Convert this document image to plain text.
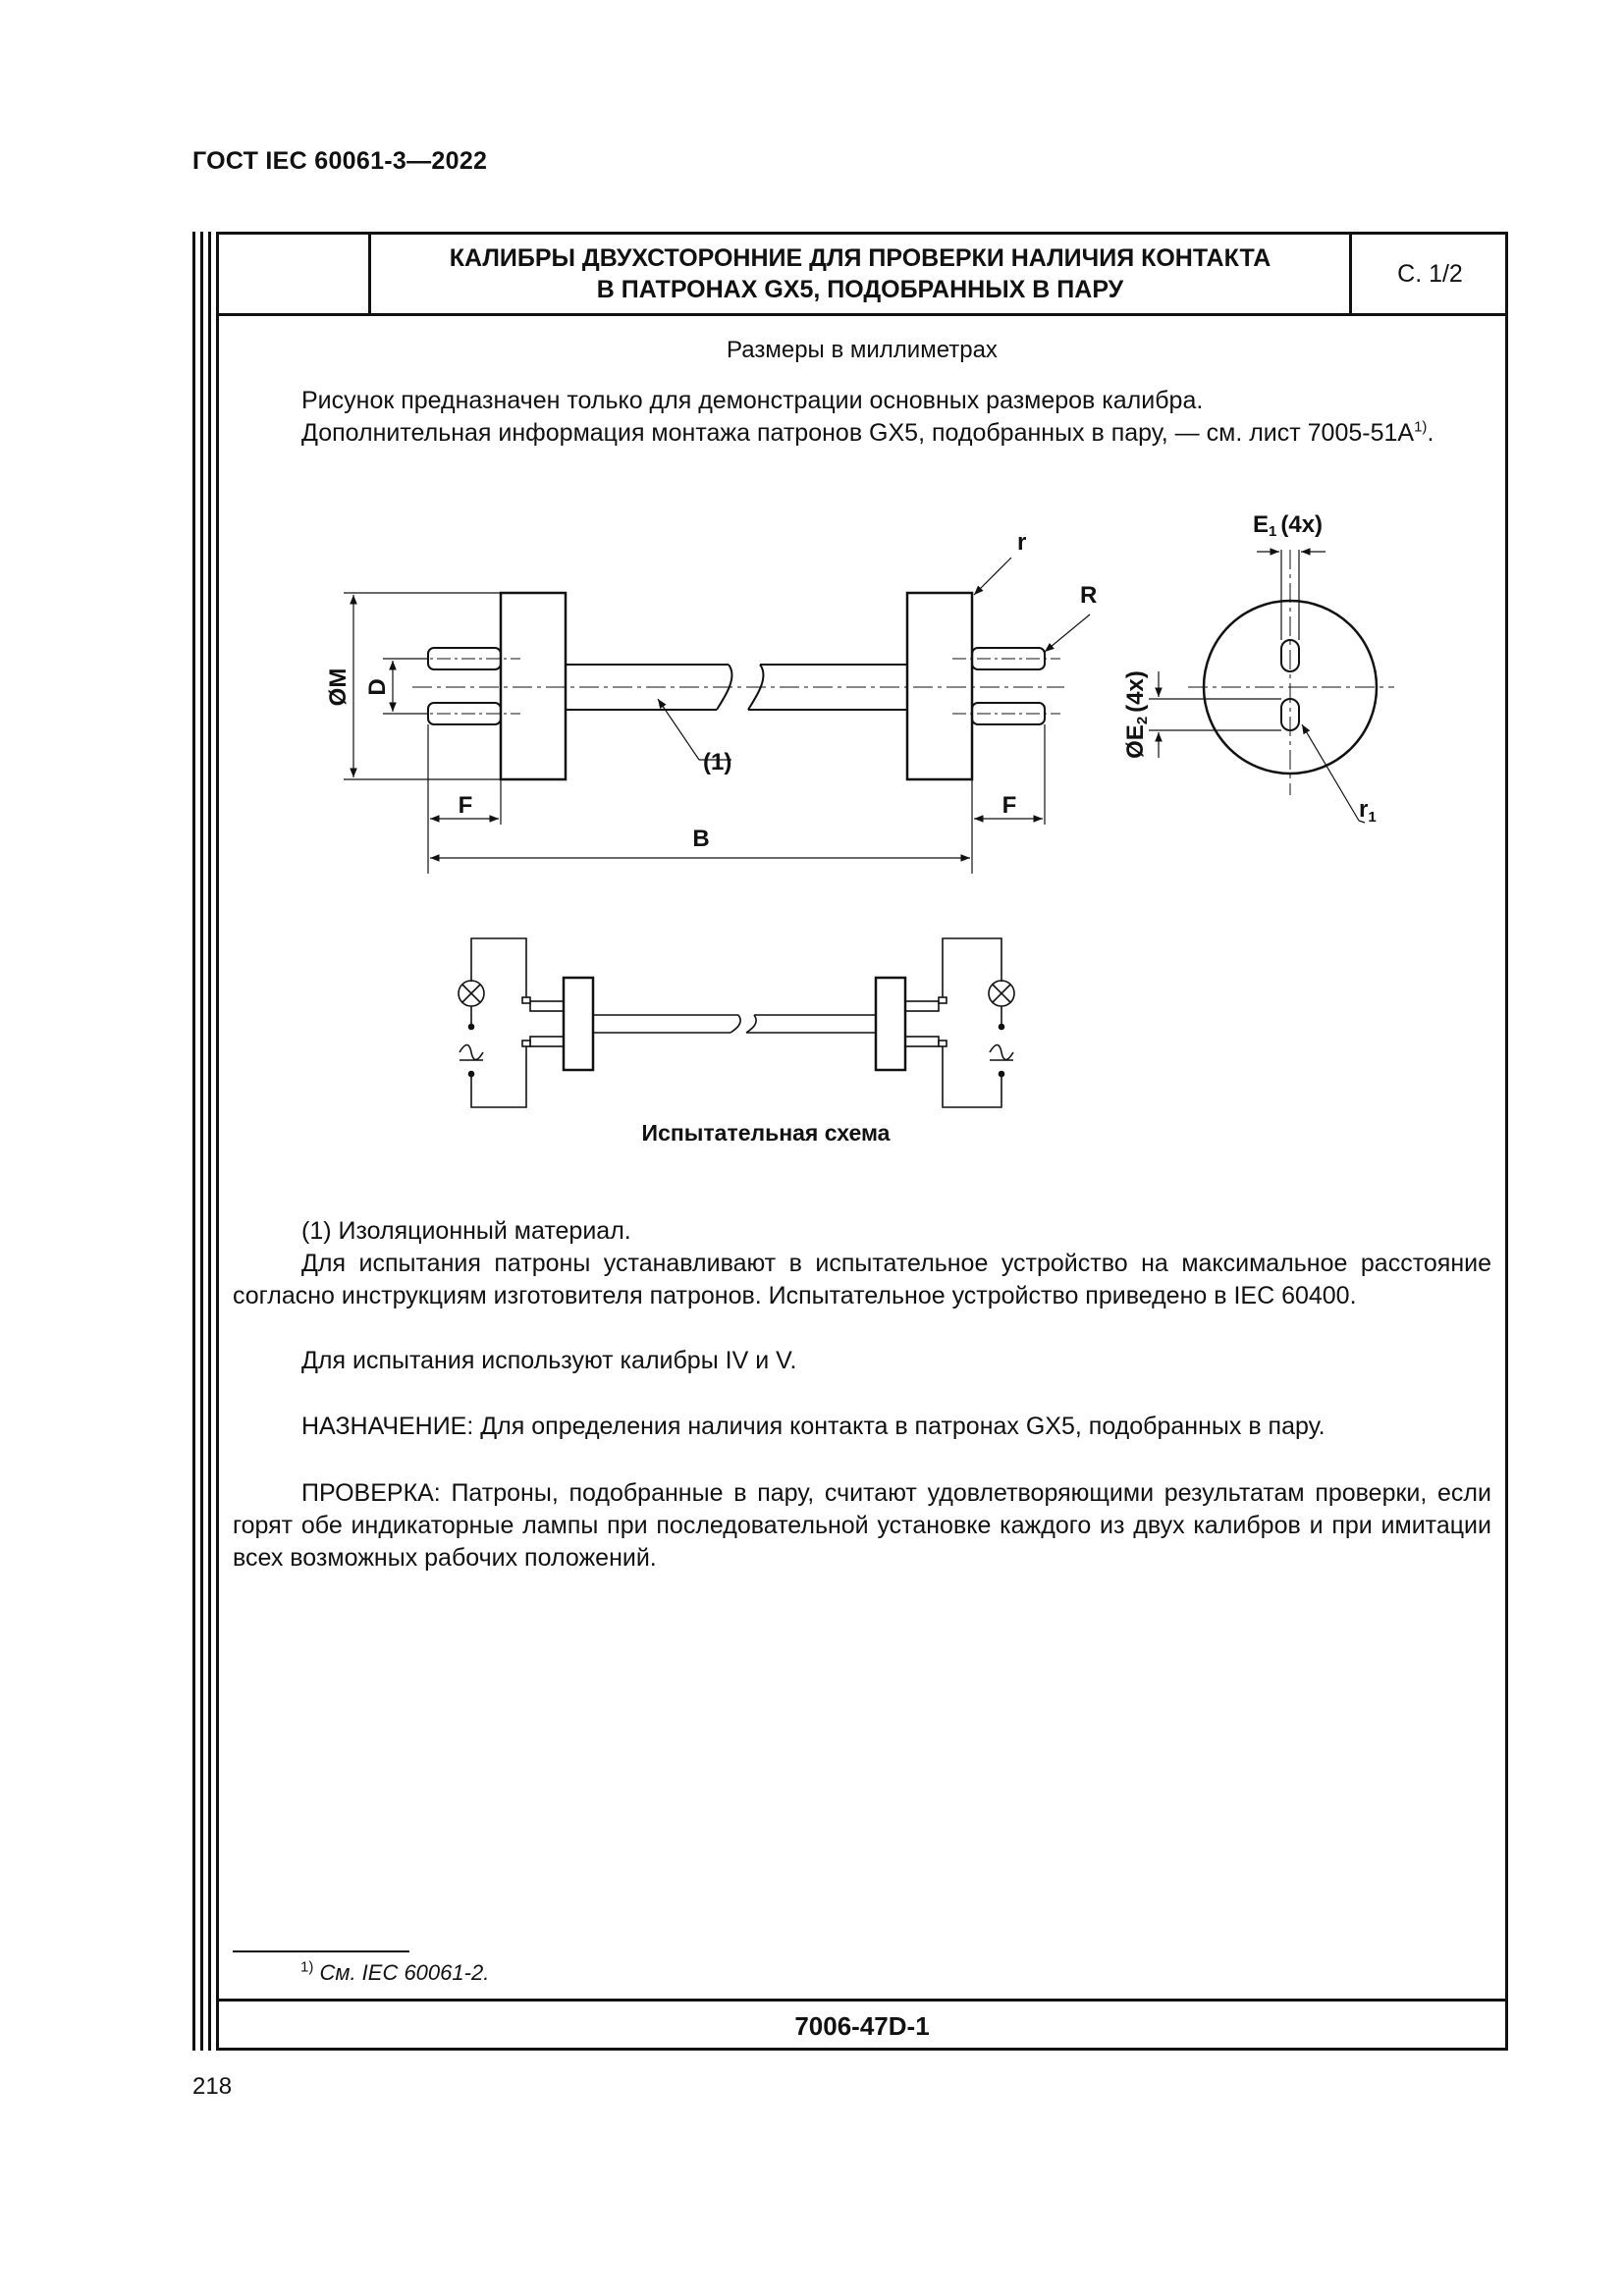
ГОСТ IEC 60061-3—2022
КАЛИБРЫ ДВУХСТОРОННИЕ ДЛЯ ПРОВЕРКИ НАЛИЧИЯ КОНТАКТА
В ПАТРОНАХ GX5, ПОДОБРАННЫХ В ПАРУ
С. 1/2
Размеры в миллиметрах
Рисунок предназначен только для демонстрации основных размеров калибра.
Дополнительная информация монтажа патронов GX5, подобранных в пару, — см. лист $7005-51A^{1)}$.
ØM D
F	F
B
(1)
r
R
E1 (4x)
ØE2(4x)
$r_1$
Испытательная схема
(1) Изоляционный материал.
Для испытания патроны устанавливают в испытательное устройство на максимальное расстояние согласно инструкциям изготовителя патронов. Испытательное устройство приведено в IEC 60400.
Для испытания используют калибры IV и V.
НАЗНАЧЕНИЕ: Для определения наличия контакта в патронах GX5, подобранных в пару.
ПРОВЕРКА: Патроны, подобранные в пару, считают удовлетворяющими результатам проверки, если горят обе индикаторные лампы при последовательной установке каждого из двух калибров и при имитации всех возможных рабочих положений.
$^{1)}$ См. IEC 60061-2.
7006-47D-1
218
